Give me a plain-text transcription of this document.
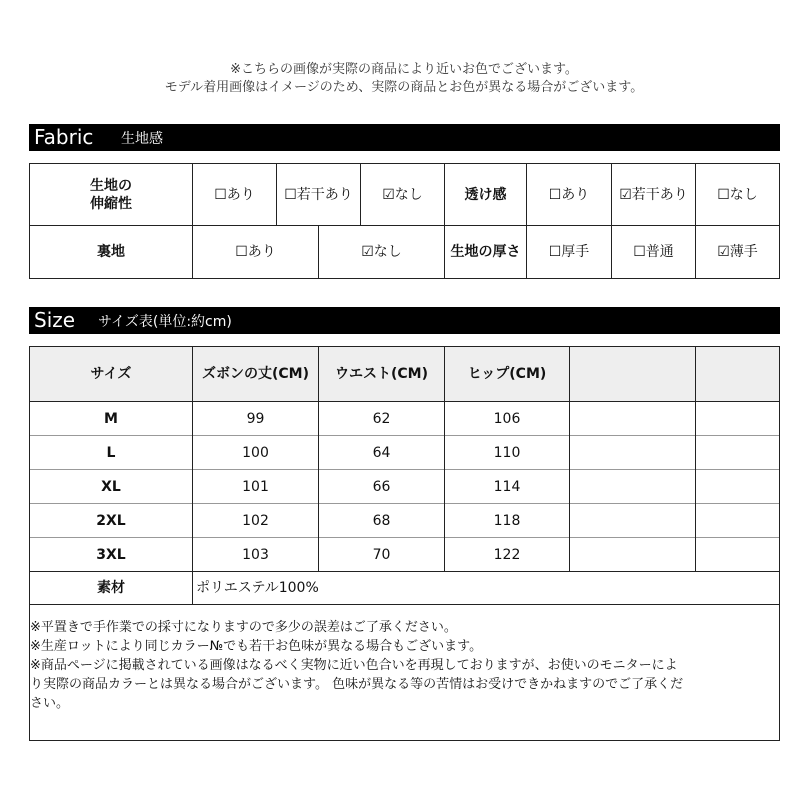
※こちらの画像が実際の商品により近いお色でございます。
モデル着用画像はイメージのため、実際の商品とお色が異なる場合がございます。
Fabric 生地感
生地の
伸縮性
☐あり	☐若干あり	☑なし	透け感	☐あり	☑若干あり	☐なし
裏地	☐あり	☑なし	生地の厚さ	☐厚手	☐普通	☑薄手
Size サイズ表(単位:約cm)
サイズ	ズボンの丈(CM)	ウエスト(CM)	ヒップ(CM)
M	99	62	106
L	100	64	110
XL	101	66	114
2XL	102	68	118
3XL	103	70	122
素材	ポリエステル100%
※平置きで手作業での採寸になりますので多少の誤差はご了承ください。
※生産ロットにより同じカラー№でも若干お色味が異なる場合もございます。
※商品ページに掲載されている画像はなるべく実物に近い色合いを再現しておりますが、お使いのモニターによ
り実際の商品カラーとは異なる場合がございます。 色味が異なる等の苦情はお受けできかねますのでご了承くだ
さい。
